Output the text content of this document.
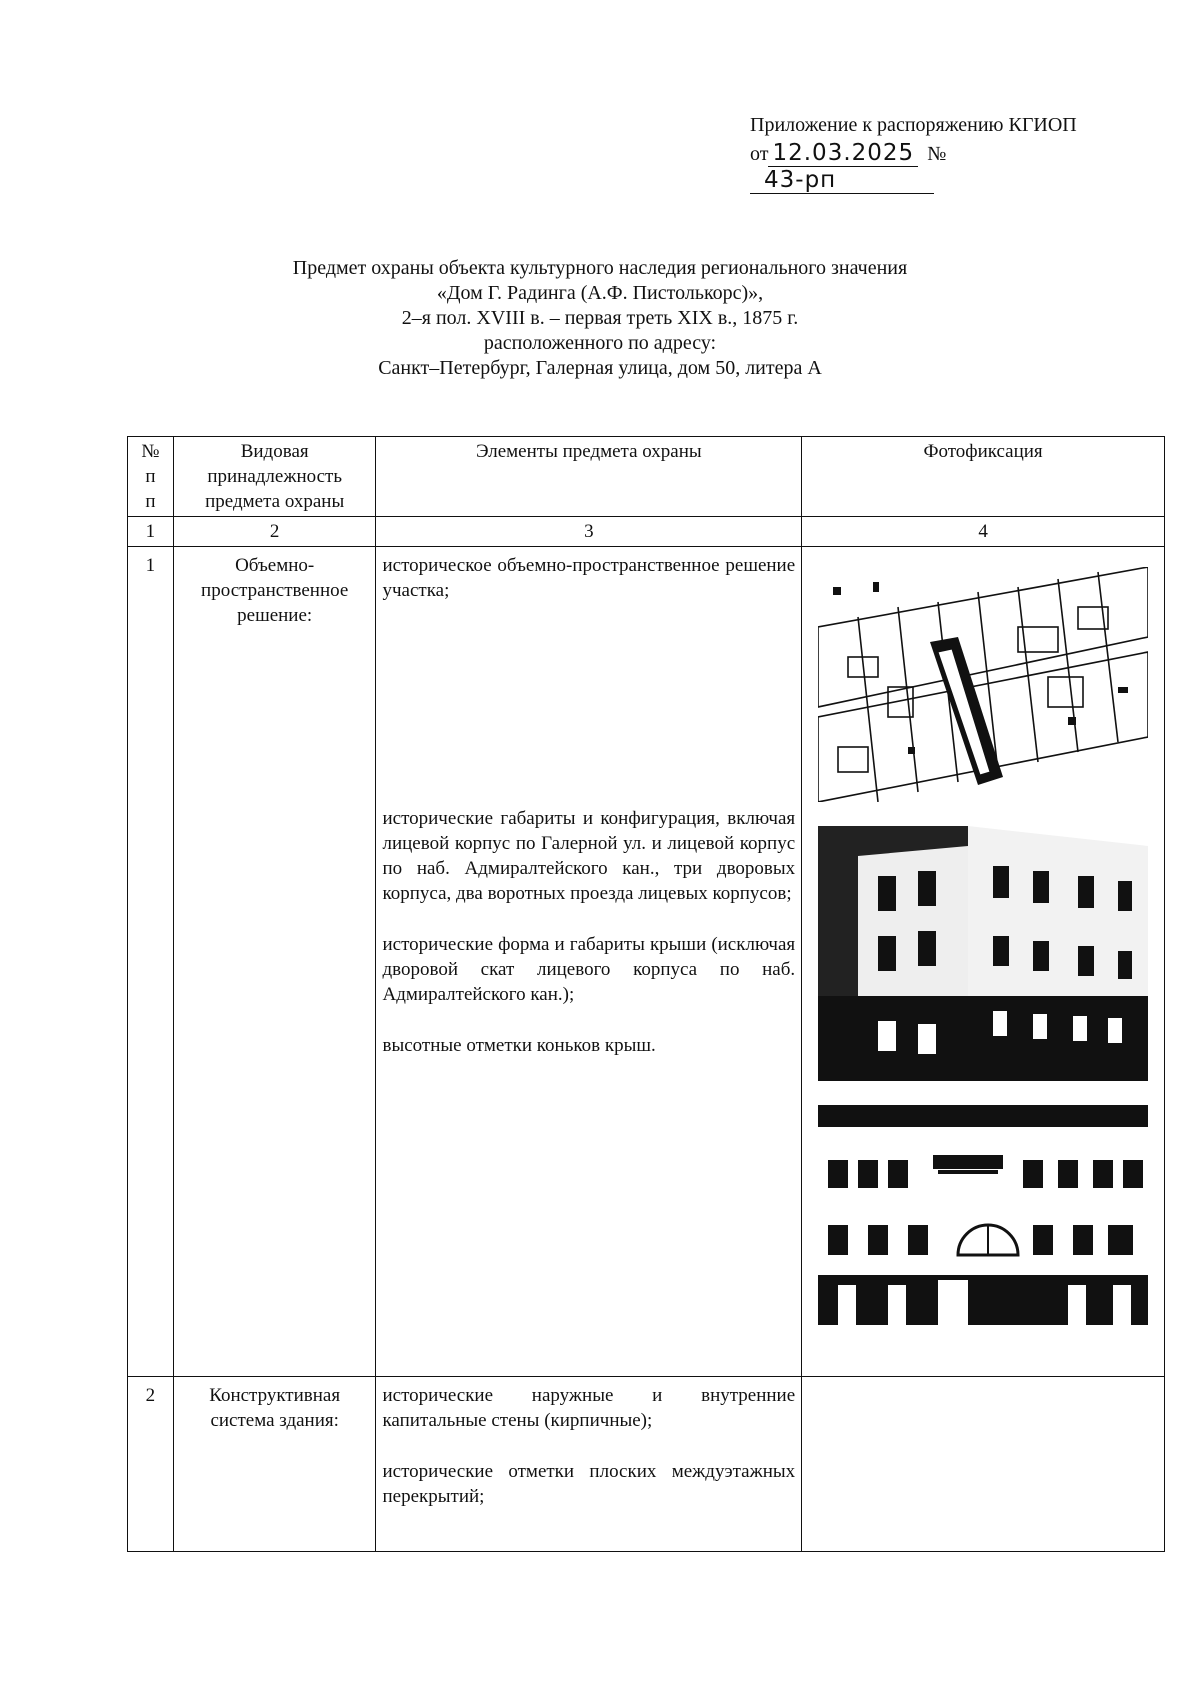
Приложение к распоряжению КГИОП
от 12.03.2025 №43-рп
Предмет охраны объекта культурного наследия регионального значения
«Дом Г. Радинга (А.Ф. Пистолькорс)»,
2–я пол. XVIII в. – первая треть XIX в., 1875 г.
расположенного по адресу:
Санкт–Петербург, Галерная улица, дом 50, литера А
№
п
п	Видовая принадлежность предмета охраны	Элементы предмета охраны	Фотофиксация
1	2	3	4
1	Объемно-пространственное решение:	историческое объемно-пространственное решение участка;

исторические габариты и конфигурация, включая лицевой корпус по Галерной ул. и лицевой корпус по наб. Адмиралтейского кан., три дворовых корпуса, два воротных проезда лицевых корпусов;

исторические форма и габариты крыши (исключая дворовой скат лицевого корпуса по наб. Адмиралтейского кан.);

высотные отметки коньков крыш.

2	Конструктивная система здания:	исторические наружные и внутренние капитальные стены (кирпичные);

исторические отметки плоских междуэтажных перекрытий;	
